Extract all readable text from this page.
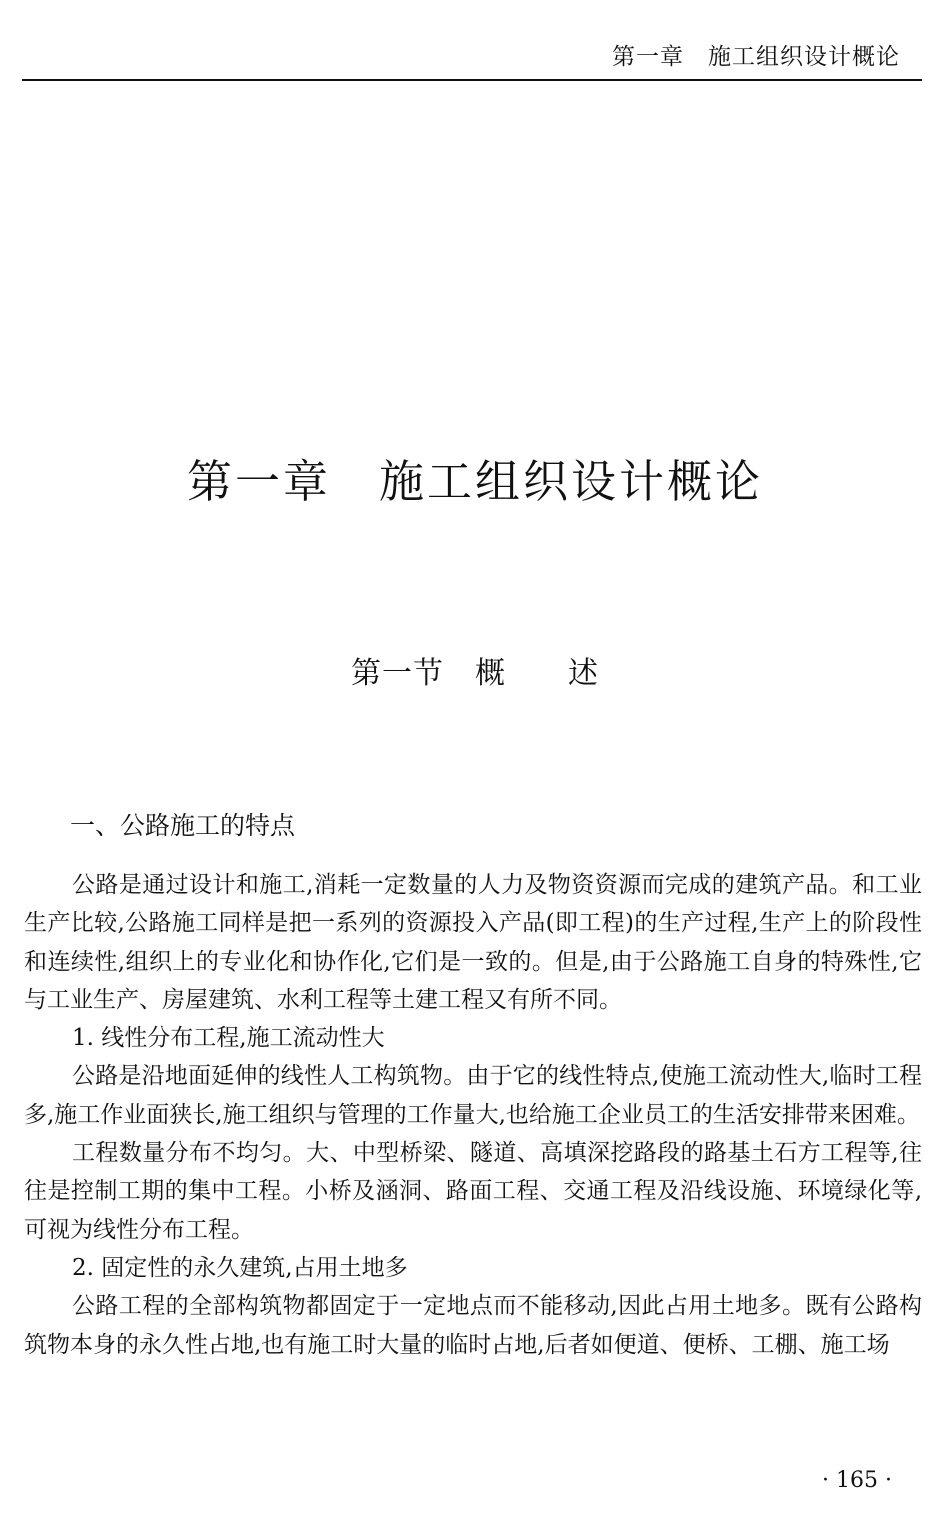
第一章　施工组织设计概论
第一章　施工组织设计概论
第一节　概　　述
一、公路施工的特点

公路是通过设计和施工,消耗一定数量的人力及物资资源而完成的建筑产品。和工业生产比较,公路施工同样是把一系列的资源投入产品(即工程)的生产过程,生产上的阶段性和连续性,组织上的专业化和协作化,它们是一致的。但是,由于公路施工自身的特殊性,它与工业生产、房屋建筑、水利工程等土建工程又有所不同。

1. 线性分布工程,施工流动性大

公路是沿地面延伸的线性人工构筑物。由于它的线性特点,使施工流动性大,临时工程多,施工作业面狭长,施工组织与管理的工作量大,也给施工企业员工的生活安排带来困难。

工程数量分布不均匀。大、中型桥梁、隧道、高填深挖路段的路基土石方工程等,往往是控制工期的集中工程。小桥及涵洞、路面工程、交通工程及沿线设施、环境绿化等,可视为线性分布工程。

2. 固定性的永久建筑,占用土地多

公路工程的全部构筑物都固定于一定地点而不能移动,因此占用土地多。既有公路构筑物本身的永久性占地,也有施工时大量的临时占地,后者如便道、便桥、工棚、施工场

· 165 ·
